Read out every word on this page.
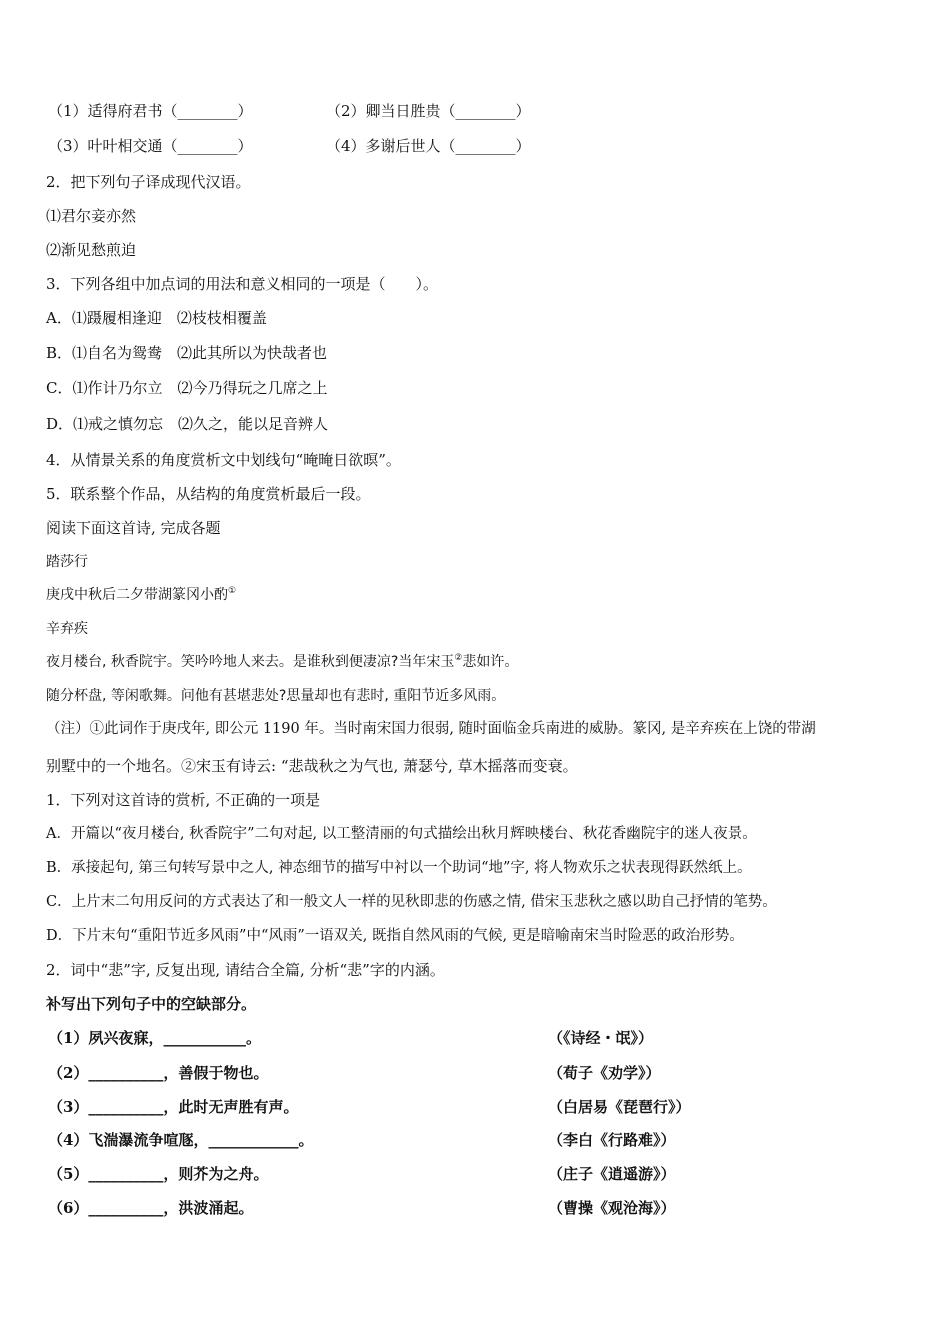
（1）适得府君书（________）	（2）卿当日胜贵（________）
（3）叶叶相交通（________）	（4）多谢后世人（________）
2．把下列句子译成现代汉语。
⑴君尔妾亦然
⑵渐见愁煎迫
3．下列各组中加点词的用法和意义相同的一项是（　　）。
A．⑴蹑履相逢迎　⑵枝枝相覆盖
B．⑴自名为鸳鸯　⑵此其所以为快哉者也
C．⑴作计乃尔立　⑵今乃得玩之几席之上
D．⑴戒之慎勿忘　⑵久之，能以足音辨人
4．从情景关系的角度赏析文中划线句“晻晻日欲暝”。
5．联系整个作品，从结构的角度赏析最后一段。
阅读下面这首诗, 完成各题
踏莎行
庚戌中秋后二夕带湖篆冈小酌①
辛弃疾
夜月楼台, 秋香院宇。笑吟吟地人来去。是谁秋到便凄凉?当年宋玉②悲如许。
随分杯盘, 等闲歌舞。问他有甚堪悲处?思量却也有悲时, 重阳节近多风雨。
（注）①此词作于庚戌年, 即公元 1190 年。当时南宋国力很弱, 随时面临金兵南进的威胁。篆冈, 是辛弃疾在上饶的带湖
别墅中的一个地名。②宋玉有诗云: “悲哉秋之为气也, 萧瑟兮, 草木摇落而变衰。
1．下列对这首诗的赏析, 不正确的一项是
A．开篇以“夜月楼台, 秋香院宇”二句对起, 以工整清丽的句式描绘出秋月辉映楼台、秋花香幽院宇的迷人夜景。
B．承接起句, 第三句转写景中之人, 神态细节的描写中衬以一个助词“地”字, 将人物欢乐之状表现得跃然纸上。
C．上片末二句用反问的方式表达了和一般文人一样的见秋即悲的伤感之情, 借宋玉悲秋之感以助自己抒情的笔势。
D．下片末句“重阳节近多风雨”中“风雨”一语双关, 既指自然风雨的气候, 更是暗喻南宋当时险恶的政治形势。
2．词中“悲”字, 反复出现, 请结合全篇, 分析“悲”字的内涵。
补写出下列句子中的空缺部分。
（1）夙兴夜寐，___________。	（《诗经・氓》）
（2）__________，善假于物也。	（荀子《劝学》）
（3）__________，此时无声胜有声。	（白居易《琵琶行》）
（4）飞湍瀑流争喧豗，____________。	（李白《行路难》）
（5）__________，则芥为之舟。	（庄子《逍遥游》）
（6）__________，洪波涌起。	（曹操《观沧海》）
